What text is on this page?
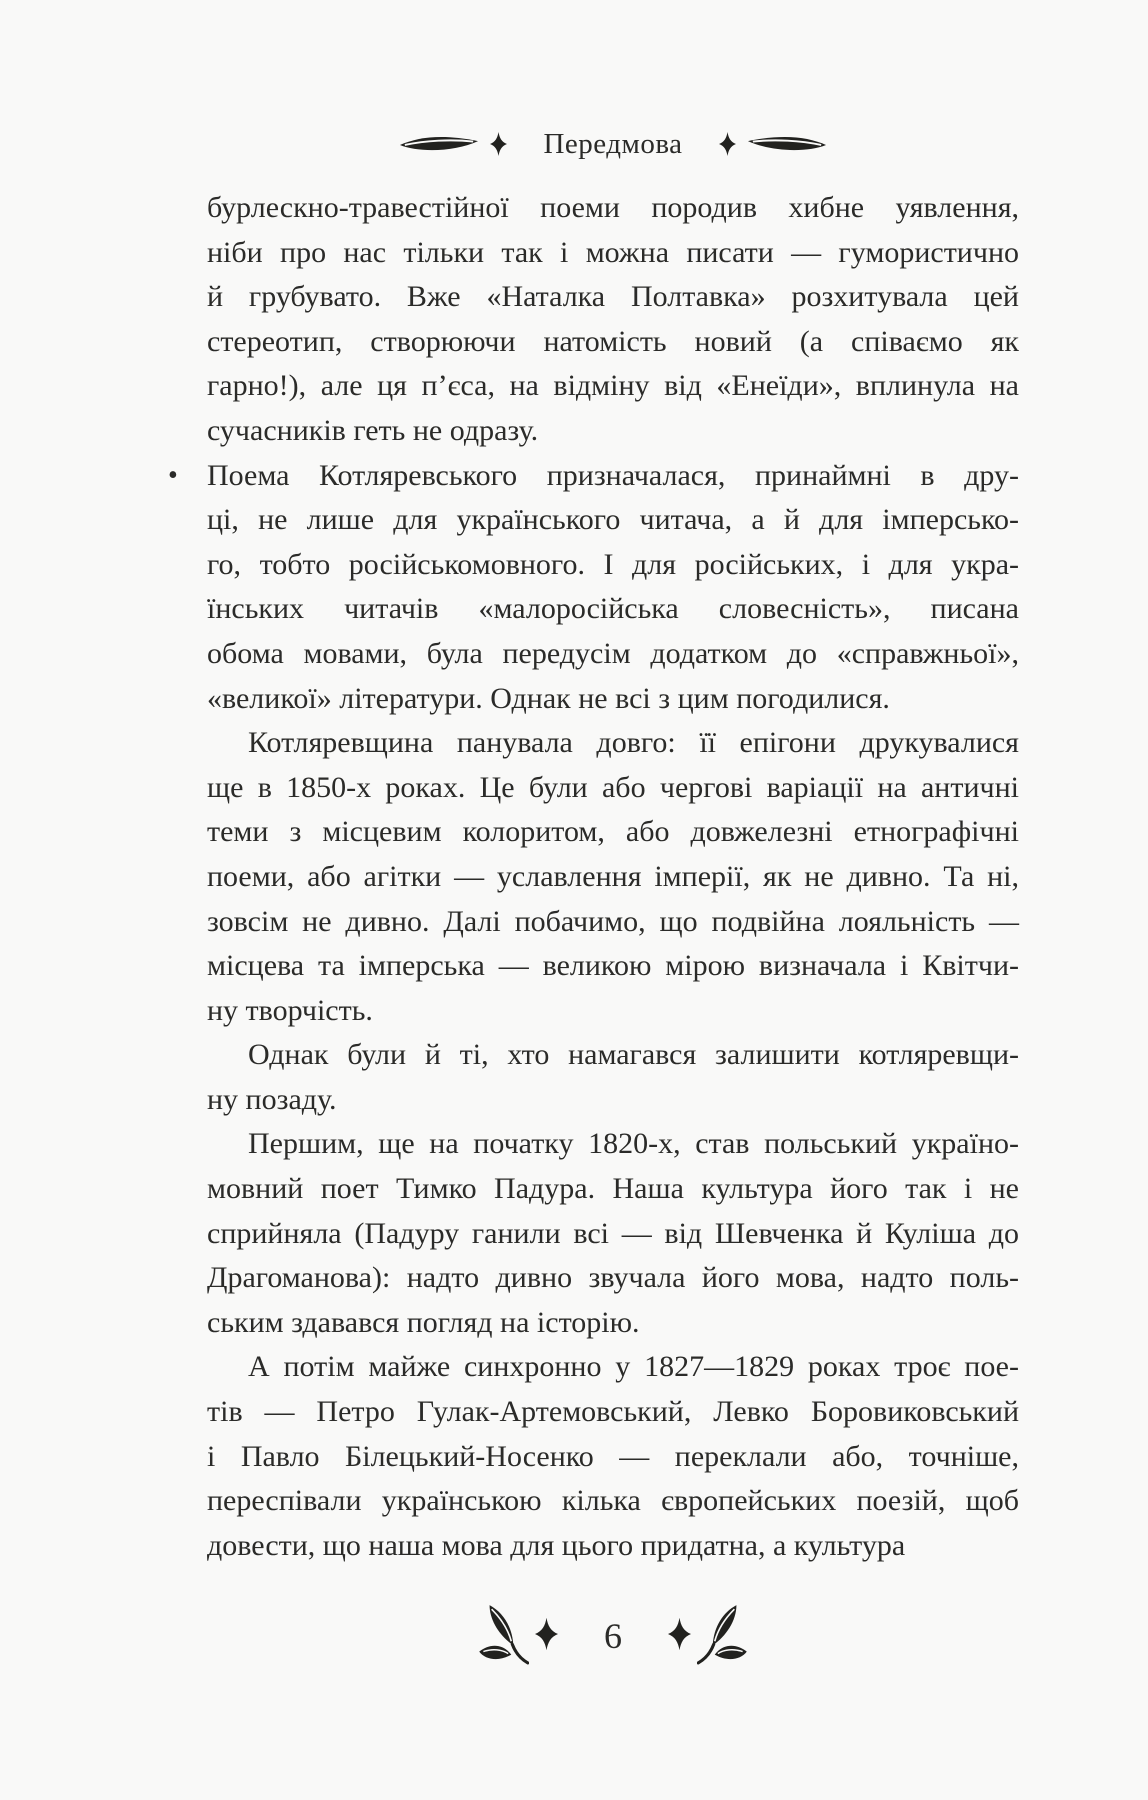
Передмова
бурлескно-травестійної поеми породив хибне уявлення,
ніби про нас тільки так і можна писати — гумористично
й грубувато. Вже «Наталка Полтавка» розхитувала цей
стереотип, створюючи натомість новий (а співаємо як
гарно!), але ця п’єса, на відміну від «Енеїди», вплинула на
сучасників геть не одразу.
• Поема Котляревського призначалася, принаймні в дру-
ці, не лише для українського читача, а й для імперсько-
го, тобто російськомовного. І для російських, і для укра-
їнських читачів «малоросійська словесність», писана
обома мовами, була передусім додатком до «справжньої»,
«великої» літератури. Однак не всі з цим погодилися.
Котляревщина панувала довго: її епігони друкувалися
ще в 1850-х роках. Це були або чергові варіації на античні
теми з місцевим колоритом, або довжелезні етнографічні
поеми, або агітки — уславлення імперії, як не дивно. Та ні,
зовсім не дивно. Далі побачимо, що подвійна лояльність —
місцева та імперська — великою мірою визначала і Квітчи-
ну творчість.
Однак були й ті, хто намагався залишити котляревщи-
ну позаду.
Першим, ще на початку 1820-х, став польський україно-
мовний поет Тимко Падура. Наша культура його так і не
сприйняла (Падуру ганили всі — від Шевченка й Куліша до
Драгоманова): надто дивно звучала його мова, надто поль-
ським здавався погляд на історію.
А потім майже синхронно у 1827—1829 роках троє пое-
тів — Петро Гулак-Артемовський, Левко Боровиковський
і Павло Білецький-Носенко — переклали або, точніше,
переспівали українською кілька європейських поезій, щоб
довести, що наша мова для цього придатна, а культура
6
